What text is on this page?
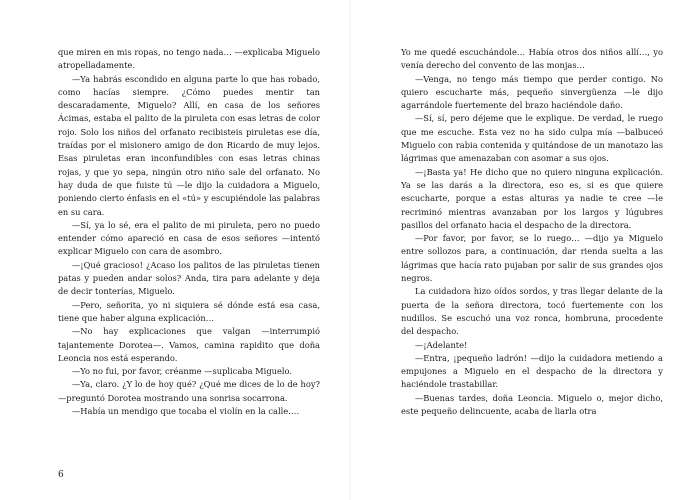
que miren en mis ropas, no tengo nada… —explicaba Miguelo atropelladamente.

—Ya habrás escondido en alguna parte lo que has robado, como hacías siempre. ¿Cómo puedes mentir tan descaradamente, Miguelo? Allí, en casa de los señores Ácimas, estaba el palito de la piruleta con esas letras de color rojo. Solo los niños del orfanato recibisteis piruletas ese día, traídas por el misionero amigo de don Ricardo de muy lejos. Esas piruletas eran inconfundibles con esas letras chinas rojas, y que yo sepa, ningún otro niño sale del orfanato. No hay duda de que fuiste tú —le dijo la cuidadora a Miguelo, poniendo cierto énfasis en el «tú» y escupiéndole las palabras en su cara.

—Sí, ya lo sé, era el palito de mi piruleta, pero no puedo entender cómo apareció en casa de esos señores —intentó explicar Miguelo con cara de asombro.

—¡Qué gracioso! ¿Acaso los palitos de las piruletas tienen patas y pueden andar solos? Anda, tira para adelante y deja de decir tonterías, Miguelo.

—Pero, señorita, yo ni siquiera sé dónde está esa casa, tiene que haber alguna explicación…

—No hay explicaciones que valgan —interrumpió tajantemente Dorotea—. Vamos, camina rapidito que doña Leoncia nos está esperando.

—Yo no fui, por favor, créanme —suplicaba Miguelo.

—Ya, claro. ¿Y lo de hoy qué? ¿Qué me dices de lo de hoy? —preguntó Dorotea mostrando una sonrisa socarrona.

—Había un mendigo que tocaba el violín en la calle….

Yo me quedé escuchándole… Había otros dos niños allí…, yo venía derecho del convento de las monjas…

—Venga, no tengo más tiempo que perder contigo. No quiero escucharte más, pequeño sinvergüenza —le dijo agarrándole fuertemente del brazo haciéndole daño.

—Sí, sí, pero déjeme que le explique. De verdad, le ruego que me escuche. Esta vez no ha sido culpa mía —balbuceó Miguelo con rabia contenida y quitándose de un manotazo las lágrimas que amenazaban con asomar a sus ojos.

—¡Basta ya! He dicho que no quiero ninguna explicación. Ya se las darás a la directora, eso es, si es que quiere escucharte, porque a estas alturas ya nadie te cree —le recriminó mientras avanzaban por los largos y lúgubres pasillos del orfanato hacia el despacho de la directora.

—Por favor, por favor, se lo ruego… —dijo ya Miguelo entre sollozos para, a continuación, dar rienda suelta a las lágrimas que hacía rato pujaban por salir de sus grandes ojos negros.

La cuidadora hizo oídos sordos, y tras llegar delante de la puerta de la señora directora, tocó fuertemente con los nudillos. Se escuchó una voz ronca, hombruna, procedente del despacho.

—¡Adelante!

—Entra, ¡pequeño ladrón! —dijo la cuidadora metiendo a empujones a Miguelo en el despacho de la directora y haciéndole trastabillar.

—Buenas tardes, doña Leoncia. Miguelo o, mejor dicho, este pequeño delincuente, acaba de liarla otra

6
